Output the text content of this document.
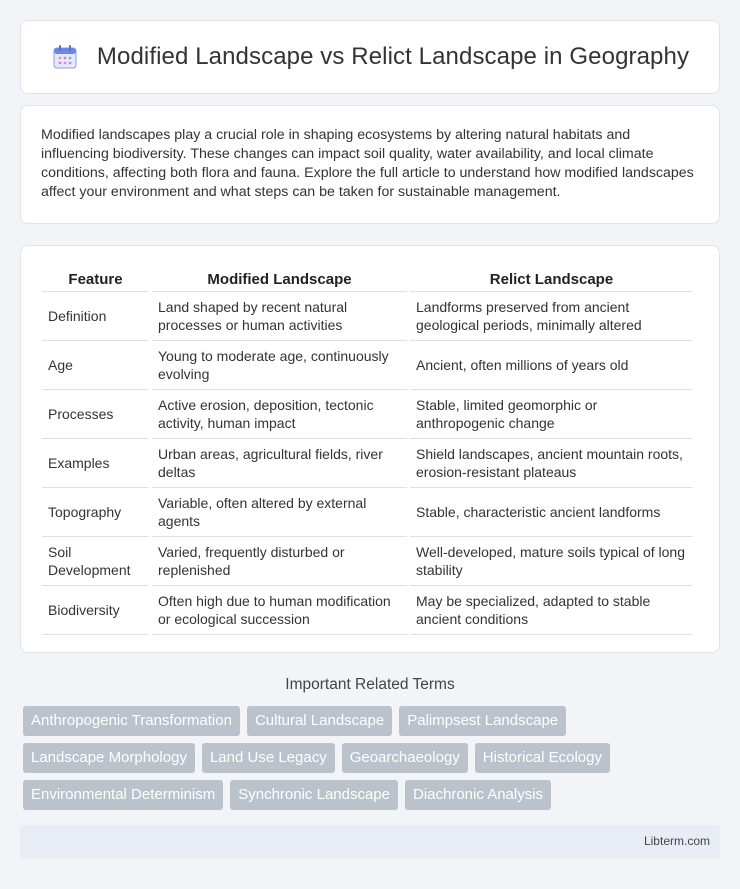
Modified Landscape vs Relict Landscape in Geography

Modified landscapes play a crucial role in shaping ecosystems by altering natural habitats and influencing biodiversity. These changes can impact soil quality, water availability, and local climate conditions, affecting both flora and fauna. Explore the full article to understand how modified landscapes affect your environment and what steps can be taken for sustainable management.

Feature	Modified Landscape	Relict Landscape
Definition	Land shaped by recent natural processes or human activities	Landforms preserved from ancient geological periods, minimally altered
Age	Young to moderate age, continuously evolving	Ancient, often millions of years old
Processes	Active erosion, deposition, tectonic activity, human impact	Stable, limited geomorphic or anthropogenic change
Examples	Urban areas, agricultural fields, river deltas	Shield landscapes, ancient mountain roots, erosion-resistant plateaus
Topography	Variable, often altered by external agents	Stable, characteristic ancient landforms
Soil Development	Varied, frequently disturbed or replenished	Well-developed, mature soils typical of long stability
Biodiversity	Often high due to human modification or ecological succession	May be specialized, adapted to stable ancient conditions
Important Related Terms
Anthropogenic Transformation	Cultural Landscape	Palimpsest Landscape
Landscape Morphology	Land Use Legacy	Geoarchaeology	Historical Ecology
Environmental Determinism	Synchronic Landscape	Diachronic Analysis
Libterm.com
